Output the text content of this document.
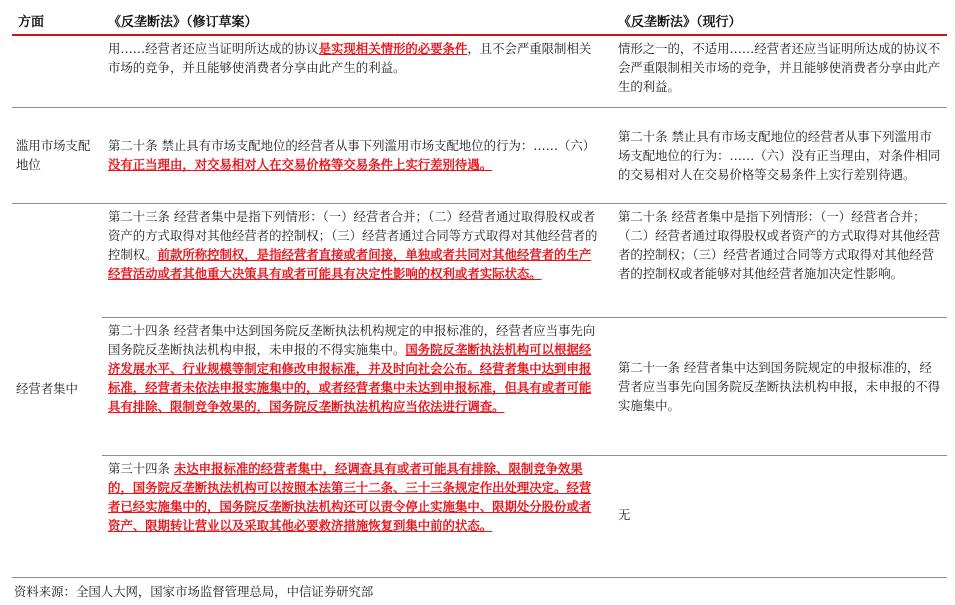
方面	《反垄断法》（修订草案）	《反垄断法》（现行）
	用……经营者还应当证明所达成的协议是实现相关情形的必要条件，且不会严重限制相关市场的竞争，并且能够使消费者分享由此产生的利益。	情形之一的，不适用……经营者还应当证明所达成的协议不会严重限制相关市场的竞争，并且能够使消费者分享由此产生的利益。
滥用市场支配地位	第二十条 禁止具有市场支配地位的经营者从事下列滥用市场支配地位的行为：……（六）没有正当理由，对交易相对人在交易价格等交易条件上实行差别待遇。	第二十条 禁止具有市场支配地位的经营者从事下列滥用市场支配地位的行为：……（六）没有正当理由，对条件相同的交易相对人在交易价格等交易条件上实行差别待遇。
经营者集中	第二十三条 经营者集中是指下列情形：（一）经营者合并；（二）经营者通过取得股权或者资产的方式取得对其他经营者的控制权；（三）经营者通过合同等方式取得对其他经营者的控制权。前款所称控制权，是指经营者直接或者间接，单独或者共同对其他经营者的生产经营活动或者其他重大决策具有或者可能具有决定性影响的权利或者实际状态。	第二十条 经营者集中是指下列情形：（一）经营者合并；（二）经营者通过取得股权或者资产的方式取得对其他经营者的控制权；（三）经营者通过合同等方式取得对其他经营者的控制权或者能够对其他经营者施加决定性影响。
	第二十四条 经营者集中达到国务院反垄断执法机构规定的申报标准的，经营者应当事先向国务院反垄断执法机构申报，未申报的不得实施集中。国务院反垄断执法机构可以根据经济发展水平、行业规模等制定和修改申报标准，并及时向社会公布。经营者集中达到申报标准，经营者未依法申报实施集中的，或者经营者集中未达到申报标准，但具有或者可能具有排除、限制竞争效果的，国务院反垄断执法机构应当依法进行调查。	第二十一条 经营者集中达到国务院规定的申报标准的，经营者应当事先向国务院反垄断执法机构申报，未申报的不得实施集中。
	第三十四条 未达申报标准的经营者集中，经调查具有或者可能具有排除、限制竞争效果的，国务院反垄断执法机构可以按照本法第三十二条、三十三条规定作出处理决定。经营者已经实施集中的，国务院反垄断执法机构还可以责令停止实施集中、限期处分股份或者资产、限期转让营业以及采取其他必要救济措施恢复到集中前的状态。	无
资料来源：全国人大网，国家市场监督管理总局，中信证券研究部
